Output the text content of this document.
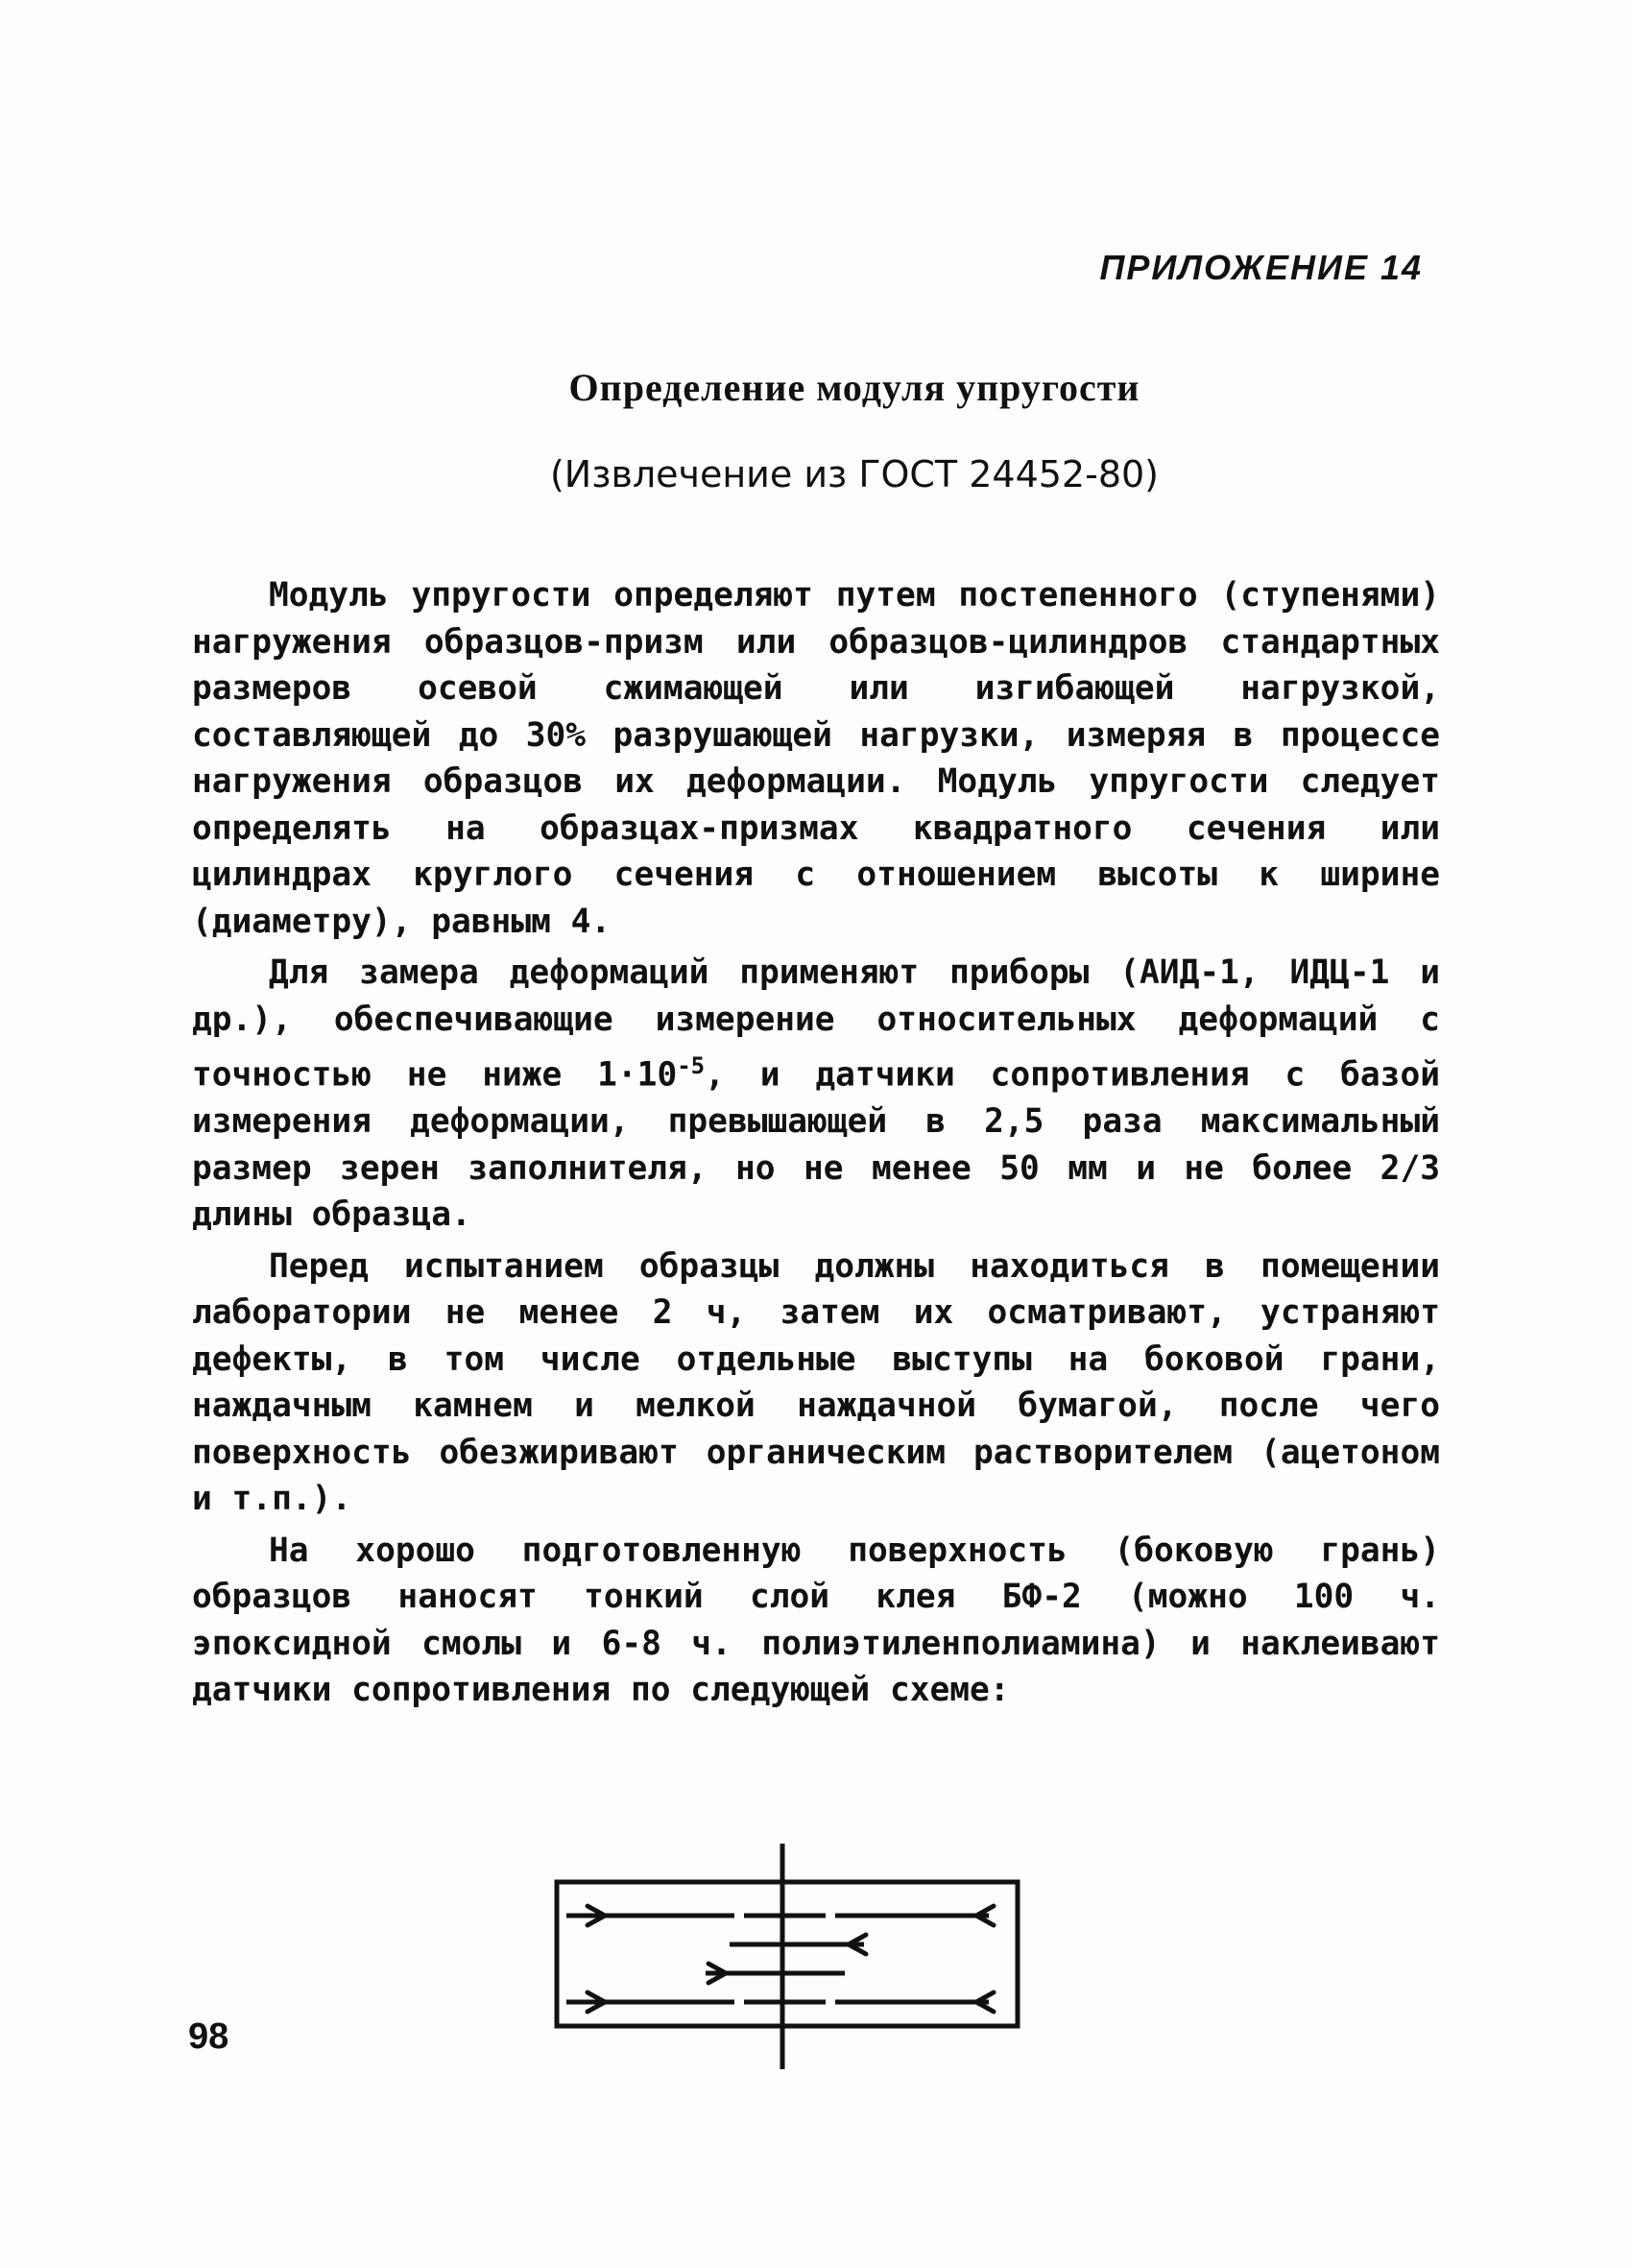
ПРИЛОЖЕНИЕ 14

Определение модуля упругости

(Извлечение из ГОСТ 24452-80)

Модуль упругости определяют путем постепенного (ступенями) нагружения образцов-призм или образцов-цилиндров стандартных размеров осевой сжимающей или изгибающей нагрузкой, составляющей до 30% разрушающей нагрузки, измеряя в процессе нагружения образцов их деформации. Модуль упругости следует определять на образцах-призмах квадратного сечения или цилиндрах круглого сечения с отношением высоты к ширине (диаметру), равным 4.

Для замера деформаций применяют приборы (АИД-1, ИДЦ-1 и др.), обеспечивающие измерение относительных деформаций с точностью не ниже $1\cdot 10^{-5}$, и датчики сопротивления с базой измерения деформации, превышающей в 2,5 раза максимальный размер зерен заполнителя, но не менее 50 мм и не более 2/3 длины образца.

Перед испытанием образцы должны находиться в помещении лаборатории не менее 2 ч, затем их осматривают, устраняют дефекты, в том числе отдельные выступы на боковой грани, наждачным камнем и мелкой наждачной бумагой, после чего поверхность обезжиривают органическим растворителем (ацетоном и т.п.).

На хорошо подготовленную поверхность (боковую грань) образцов наносят тонкий слой клея БФ-2 (можно 100 ч. эпоксидной смолы и 6-8 ч. полиэтиленполиамина) и наклеивают датчики сопротивления по следующей схеме:

98
